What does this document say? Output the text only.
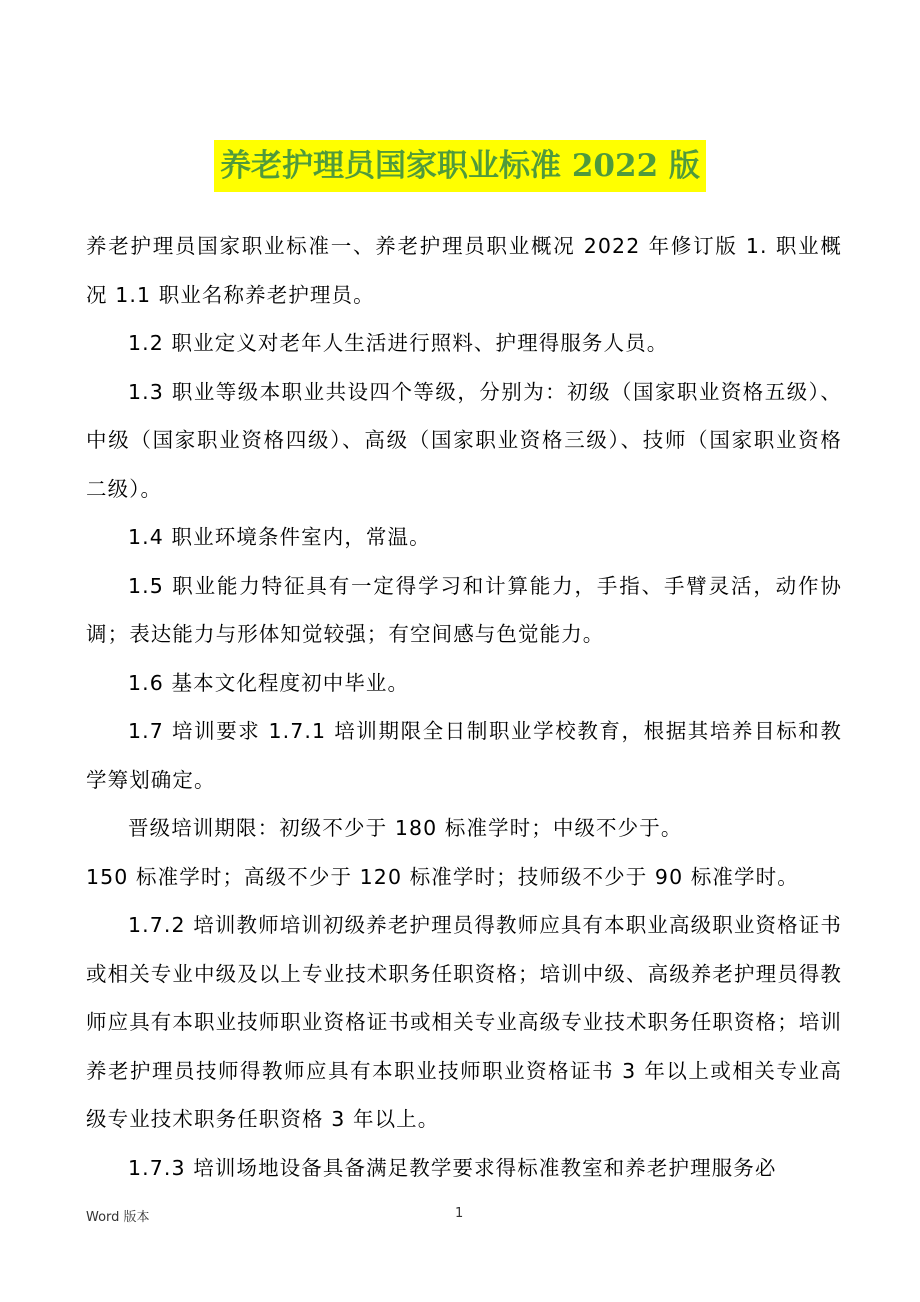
养老护理员国家职业标准 2022 版

养老护理员国家职业标准一、养老护理员职业概况 2022 年修订版 1. 职业概况 1.1 职业名称养老护理员。

1.2 职业定义对老年人生活进行照料、护理得服务人员。

1.3 职业等级本职业共设四个等级，分别为：初级（国家职业资格五级）、中级（国家职业资格四级）、高级（国家职业资格三级）、技师（国家职业资格二级）。

1.4 职业环境条件室内，常温。

1.5 职业能力特征具有一定得学习和计算能力，手指、手臂灵活，动作协调；表达能力与形体知觉较强；有空间感与色觉能力。

1.6 基本文化程度初中毕业。

1.7 培训要求 1.7.1 培训期限全日制职业学校教育，根据其培养目标和教学筹划确定。

晋级培训期限：初级不少于 180 标准学时；中级不少于。

150 标准学时；高级不少于 120 标准学时；技师级不少于 90 标准学时。

1.7.2 培训教师培训初级养老护理员得教师应具有本职业高级职业资格证书或相关专业中级及以上专业技术职务任职资格；培训中级、高级养老护理员得教师应具有本职业技师职业资格证书或相关专业高级专业技术职务任职资格；培训养老护理员技师得教师应具有本职业技师职业资格证书 3 年以上或相关专业高级专业技术职务任职资格 3 年以上。

1.7.3 培训场地设备具备满足教学要求得标准教室和养老护理服务必

Word 版本	1
